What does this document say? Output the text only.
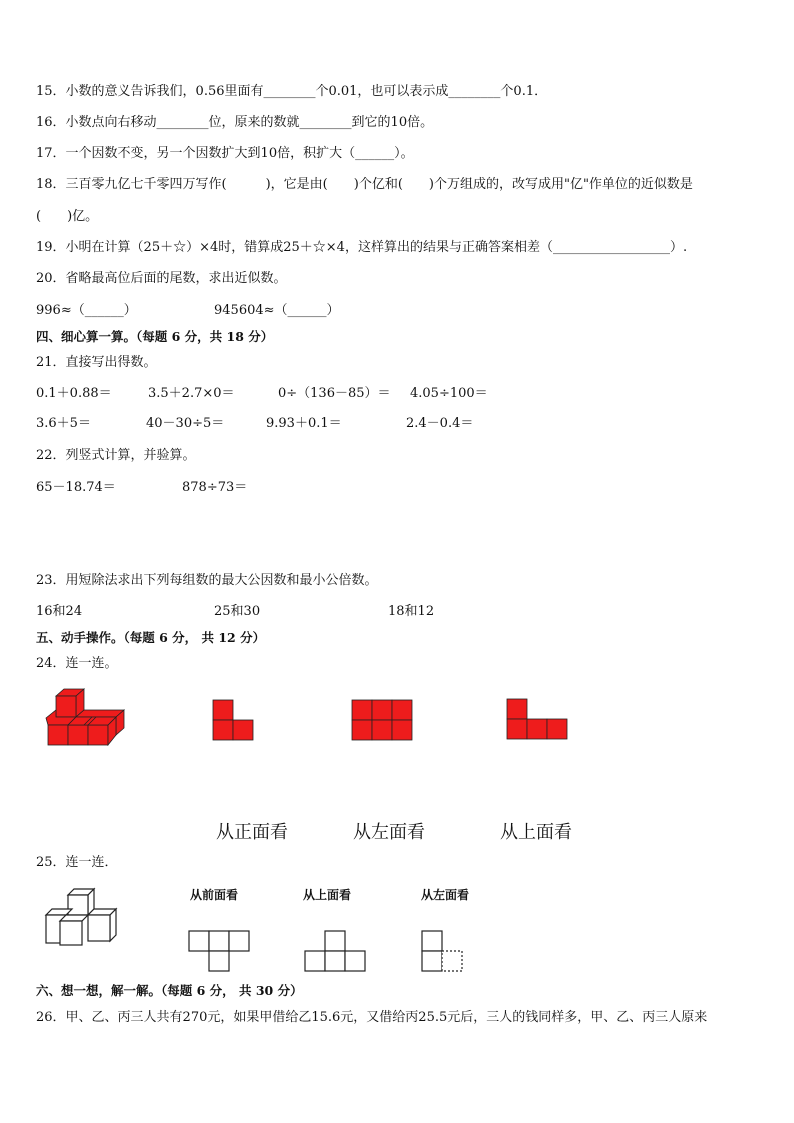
15．小数的意义告诉我们，0.56里面有________个0.01，也可以表示成________个0.1．
16．小数点向右移动________位，原来的数就________到它的10倍。
17．一个因数不变，另一个因数扩大到10倍，积扩大（______）。
18．三百零九亿七千零四万写作(　　　)，它是由(　　)个亿和(　　)个万组成的，改写成用"亿"作单位的近似数是
(　　)亿。
19．小明在计算（25＋☆）×4时，错算成25＋☆×4，这样算出的结果与正确答案相差（__________________）.
20．省略最高位后面的尾数，求出近似数。
996≈（______）	945604≈（______）
四、细心算一算。（每题 6 分，共 18 分）
21．直接写出得数。
0.1＋0.88＝	3.5＋2.7×0＝	0÷（136－85）＝ 4.05÷100＝
3.6＋5＝	40－30÷5＝	9.93＋0.1＝	2.4－0.4＝
22．列竖式计算，并验算。
65－18.74＝	878÷73＝
23．用短除法求出下列每组数的最大公因数和最小公倍数。
16和24	25和30	18和12
五、动手操作。（每题 6 分， 共 12 分）
24．连一连。
从正面看	从左面看	从上面看
25．连一连．
从前面看	从上面看	从左面看
六、想一想，解一解。（每题 6 分， 共 30 分）
26．甲、乙、丙三人共有270元，如果甲借给乙15.6元，又借给丙25.5元后，三人的钱同样多，甲、乙、丙三人原来
